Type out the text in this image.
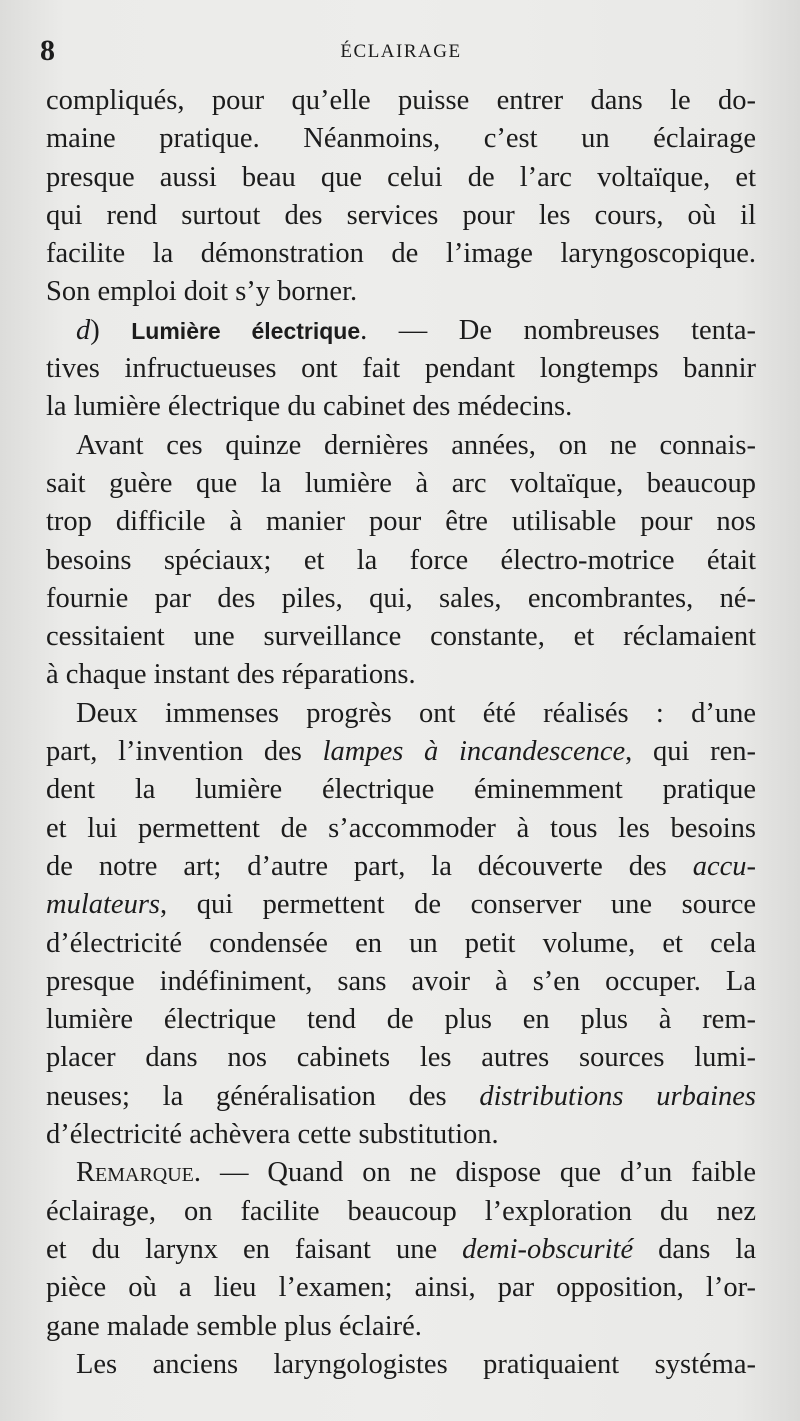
8	ÉCLAIRAGE
compliqués, pour qu’elle puisse entrer dans le do-
maine pratique. Néanmoins, c’est un éclairage
presque aussi beau que celui de l’arc voltaïque, et
qui rend surtout des services pour les cours, où il
facilite la démonstration de l’image laryngoscopique.
Son emploi doit s’y borner.
d) Lumière électrique. — De nombreuses tenta-
tives infructueuses ont fait pendant longtemps bannir
la lumière électrique du cabinet des médecins.
Avant ces quinze dernières années, on ne connais-
sait guère que la lumière à arc voltaïque, beaucoup
trop difficile à manier pour être utilisable pour nos
besoins spéciaux; et la force électro-motrice était
fournie par des piles, qui, sales, encombrantes, né-
cessitaient une surveillance constante, et réclamaient
à chaque instant des réparations.
Deux immenses progrès ont été réalisés : d’une
part, l’invention des lampes à incandescence, qui ren-
dent la lumière électrique éminemment pratique
et lui permettent de s’accommoder à tous les besoins
de notre art; d’autre part, la découverte des accu-
mulateurs, qui permettent de conserver une source
d’électricité condensée en un petit volume, et cela
presque indéfiniment, sans avoir à s’en occuper. La
lumière électrique tend de plus en plus à rem-
placer dans nos cabinets les autres sources lumi-
neuses; la généralisation des distributions urbaines
d’électricité achèvera cette substitution.
Remarque. — Quand on ne dispose que d’un faible
éclairage, on facilite beaucoup l’exploration du nez
et du larynx en faisant une demi-obscurité dans la
pièce où a lieu l’examen; ainsi, par opposition, l’or-
gane malade semble plus éclairé.
Les anciens laryngologistes pratiquaient systéma-
